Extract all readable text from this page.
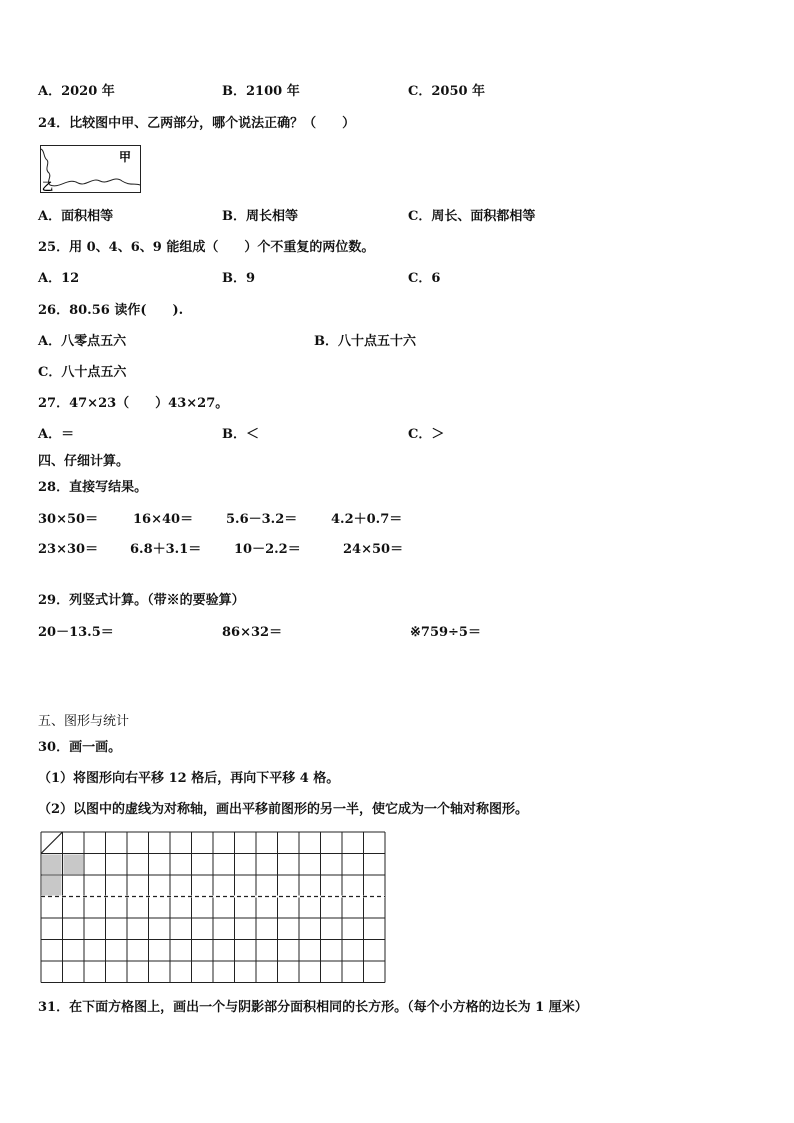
A．2020 年	B．2100 年	C．2050 年
24．比较图中甲、乙两部分，哪个说法正确？（　　）
甲
乙
A．面积相等	B．周长相等	C．周长、面积都相等
25．用 0、4、6、9 能组成（　　）个不重复的两位数。
A．12	B．9	C．6
26．80.56 读作(　　).
A．八零点五六	B．八十点五十六
C．八十点五六
27．47×23（　　）43×27。
A．＝	B．＜	C．＞
四、仔细计算。
28．直接写结果。
30×50＝	16×40＝	5.6－3.2＝	4.2＋0.7＝
23×30＝ 6.8＋3.1＝	10－2.2＝	24×50＝
29．列竖式计算。（带※的要验算）
20－13.5＝	86×32＝	※759÷5＝
五、图形与统计
30．画一画。
（1）将图形向右平移 12 格后，再向下平移 4 格。
（2）以图中的虚线为对称轴，画出平移前图形的另一半，使它成为一个轴对称图形。
31．在下面方格图上，画出一个与阴影部分面积相同的长方形。（每个小方格的边长为 1 厘米）
